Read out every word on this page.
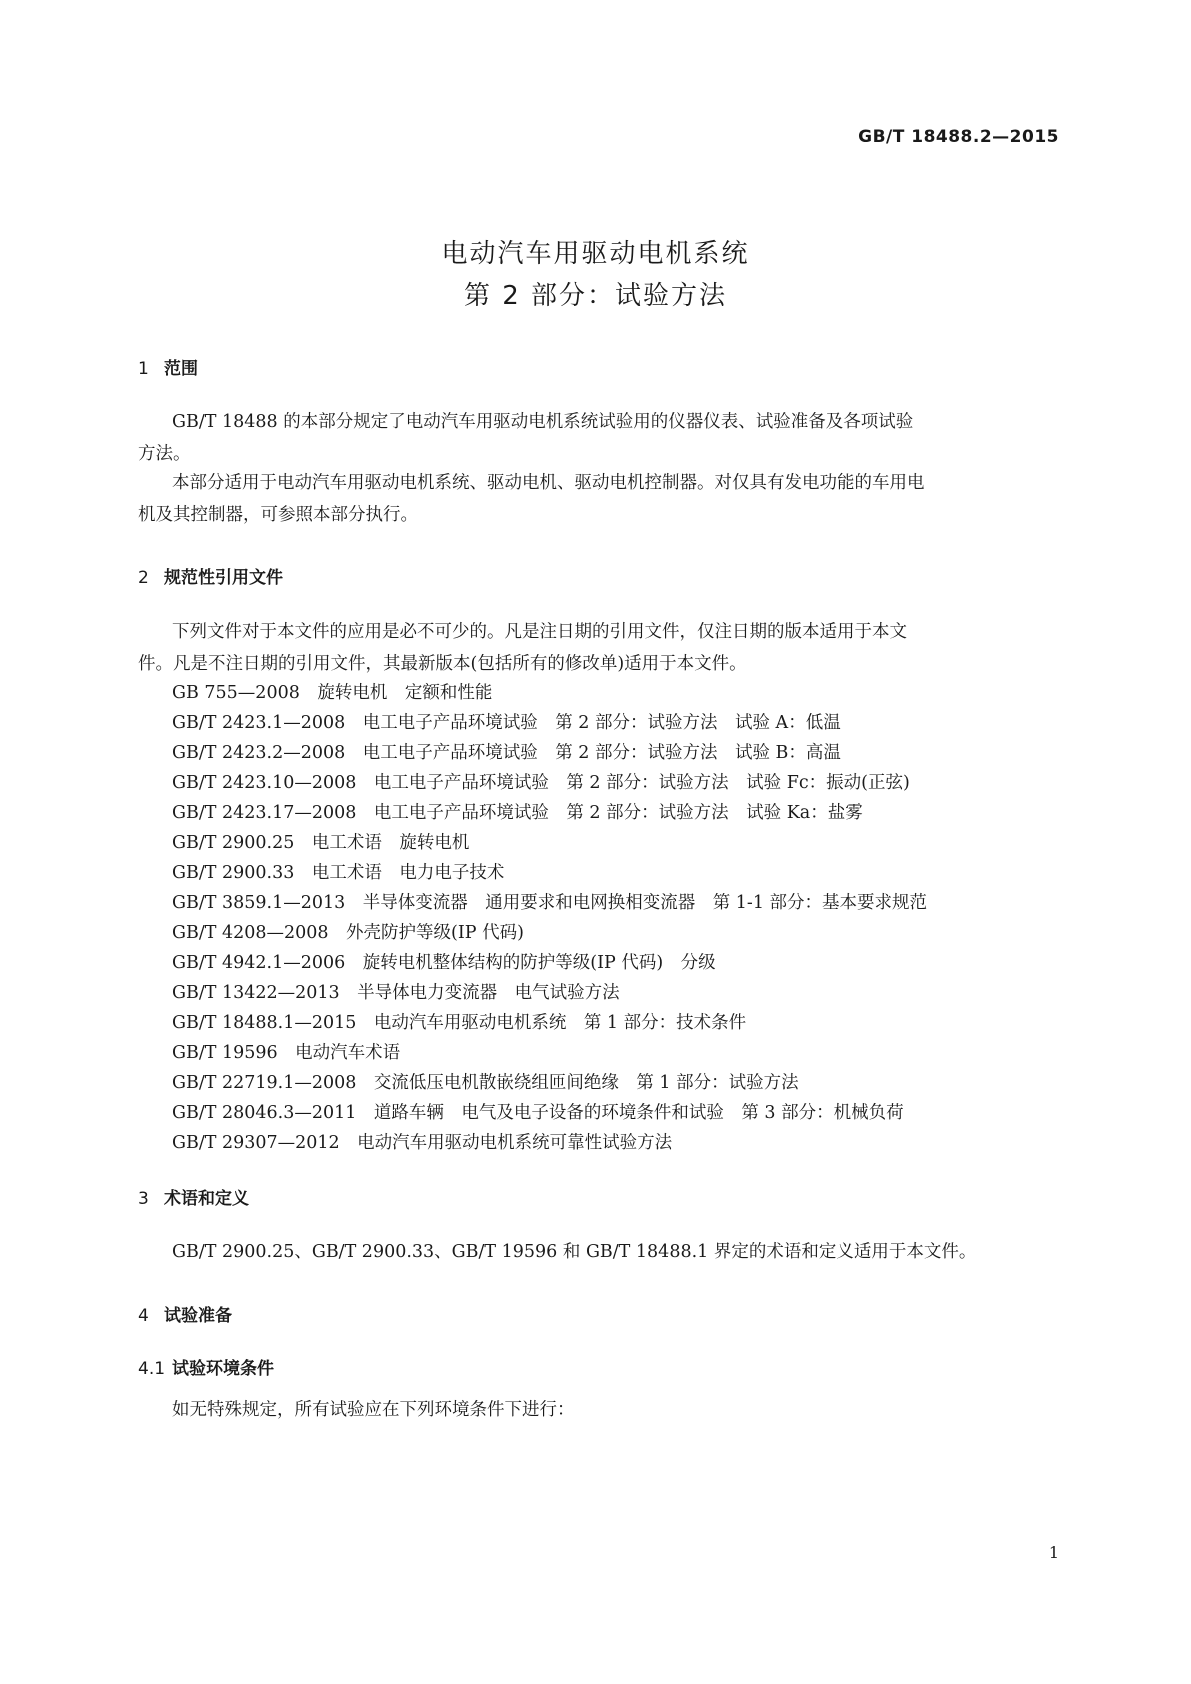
GB/T 18488.2—2015
电动汽车用驱动电机系统
第 2 部分：试验方法
1 范围
GB/T 18488 的本部分规定了电动汽车用驱动电机系统试验用的仪器仪表、试验准备及各项试验
方法。
本部分适用于电动汽车用驱动电机系统、驱动电机、驱动电机控制器。对仅具有发电功能的车用电
机及其控制器，可参照本部分执行。
2 规范性引用文件
下列文件对于本文件的应用是必不可少的。凡是注日期的引用文件，仅注日期的版本适用于本文
件。凡是不注日期的引用文件，其最新版本(包括所有的修改单)适用于本文件。
GB 755—2008　旋转电机　定额和性能
GB/T 2423.1—2008　电工电子产品环境试验　第 2 部分：试验方法　试验 A：低温
GB/T 2423.2—2008　电工电子产品环境试验　第 2 部分：试验方法　试验 B：高温
GB/T 2423.10—2008　电工电子产品环境试验　第 2 部分：试验方法　试验 Fc：振动(正弦)
GB/T 2423.17—2008　电工电子产品环境试验　第 2 部分：试验方法　试验 Ka：盐雾
GB/T 2900.25　电工术语　旋转电机
GB/T 2900.33　电工术语　电力电子技术
GB/T 3859.1—2013　半导体变流器　通用要求和电网换相变流器　第 1-1 部分：基本要求规范
GB/T 4208—2008　外壳防护等级(IP 代码)
GB/T 4942.1—2006　旋转电机整体结构的防护等级(IP 代码)　分级
GB/T 13422—2013　半导体电力变流器　电气试验方法
GB/T 18488.1—2015　电动汽车用驱动电机系统　第 1 部分：技术条件
GB/T 19596　电动汽车术语
GB/T 22719.1—2008　交流低压电机散嵌绕组匝间绝缘　第 1 部分：试验方法
GB/T 28046.3—2011　道路车辆　电气及电子设备的环境条件和试验　第 3 部分：机械负荷
GB/T 29307—2012　电动汽车用驱动电机系统可靠性试验方法
3 术语和定义
GB/T 2900.25、GB/T 2900.33、GB/T 19596 和 GB/T 18488.1 界定的术语和定义适用于本文件。
4 试验准备
4.1 试验环境条件
如无特殊规定，所有试验应在下列环境条件下进行：
1
